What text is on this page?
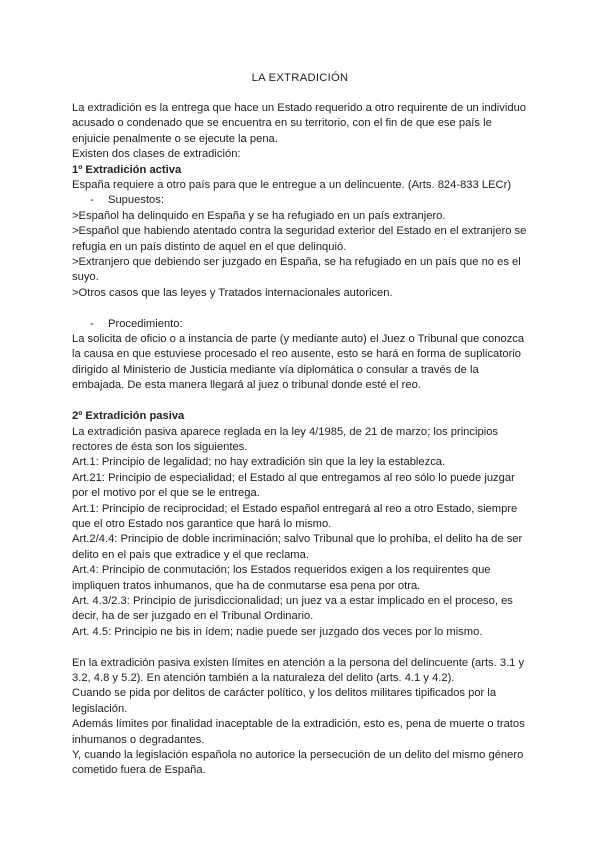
LA EXTRADICIÓN

La extradición es la entrega que hace un Estado requerido a otro requirente de un individuo acusado o condenado que se encuentra en su territorio, con el fin de que ese país le enjuicie penalmente o se ejecute la pena.

Existen dos clases de extradición:

1º Extradición activa

España requiere a otro país para que le entregue a un delincuente. (Arts. 824-833 LECr)

- Supuestos:

>Español ha delinquido en España y se ha refugiado en un país extranjero.

>Español que habiendo atentado contra la seguridad exterior del Estado en el extranjero se refugia en un país distinto de aquel en el que delinquió.

>Extranjero que debiendo ser juzgado en España, se ha refugiado en un país que no es el suyo.

>Otros casos que las leyes y Tratados internacionales autoricen.

- Procedimiento:

La solicita de oficio o a instancia de parte (y mediante auto) el Juez o Tribunal que conozca la causa en que estuviese procesado el reo ausente, esto se hará en forma de suplicatorio dirigido al Ministerio de Justicia mediante vía diplomática o consular a través de la embajada. De esta manera llegará al juez o tribunal donde esté el reo.

2º Extradición pasiva

La extradición pasiva aparece reglada en la ley 4/1985, de 21 de marzo; los principios rectores de ésta son los siguientes.

Art.1: Principio de legalidad; no hay extradición sin que la ley la establezca.

Art.21: Principio de especialidad; el Estado al que entregamos al reo sólo lo puede juzgar por el motivo por el que se le entrega.

Art.1: Principio de reciprocidad; el Estado español entregará al reo a otro Estado, siempre que el otro Estado nos garantice que hará lo mismo.

Art.2/4.4: Principio de doble incriminación; salvo Tribunal que lo prohíba, el delito ha de ser delito en el país que extradice y el que reclama.

Art.4: Principio de conmutación; los Estados requeridos exigen a los requirentes que impliquen tratos inhumanos, que ha de conmutarse esa pena por otra.

Art. 4.3/2.3: Principio de jurisdiccionalidad; un juez va a estar implicado en el proceso, es decir, ha de ser juzgado en el Tribunal Ordinario.

Art. 4.5: Principio ne bis in ídem; nadie puede ser juzgado dos veces por lo mismo.

En la extradición pasiva existen límites en atención a la persona del delincuente (arts. 3.1 y 3.2, 4.8 y 5.2). En atención también a la naturaleza del delito (arts. 4.1 y 4.2).

Cuando se pida por delitos de carácter político, y los delitos militares tipificados por la legislación.

Además límites por finalidad inaceptable de la extradición, esto es, pena de muerte o tratos inhumanos o degradantes.

Y, cuando la legislación española no autorice la persecución de un delito del mismo género cometido fuera de España.
